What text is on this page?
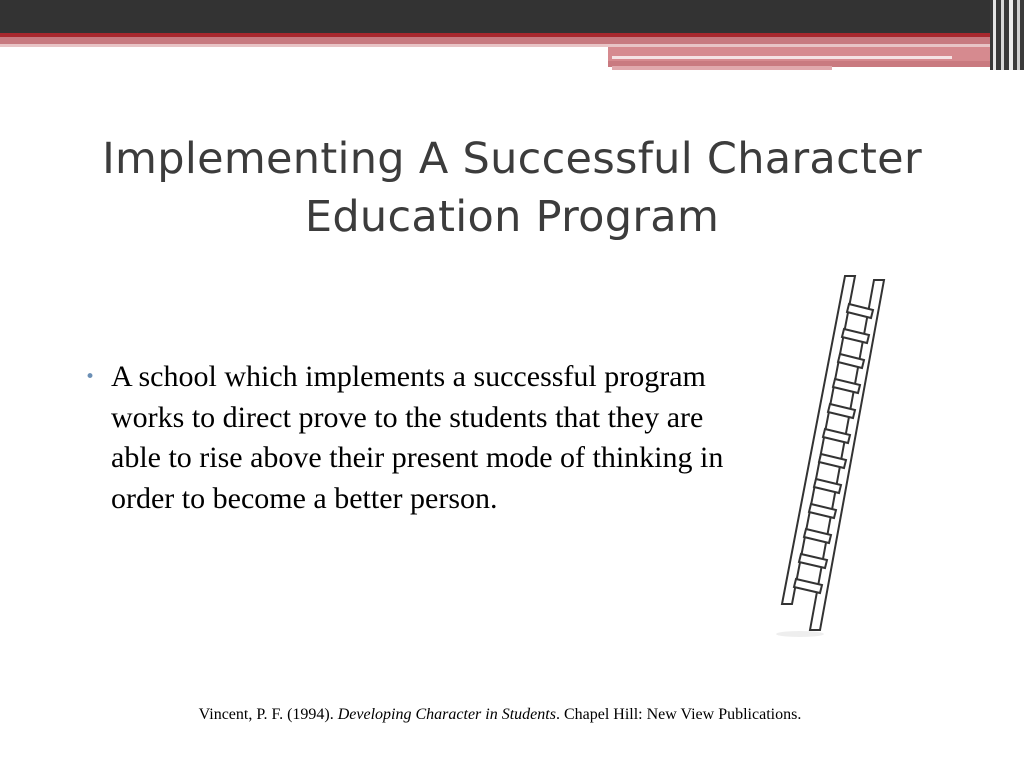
Implementing A Successful Character Education Program
• A school which implements a successful program works to direct prove to the students that they are able to rise above their present mode of thinking in order to become a better person.
Vincent, P. F. (1994). Developing Character in Students. Chapel Hill: New View Publications.
